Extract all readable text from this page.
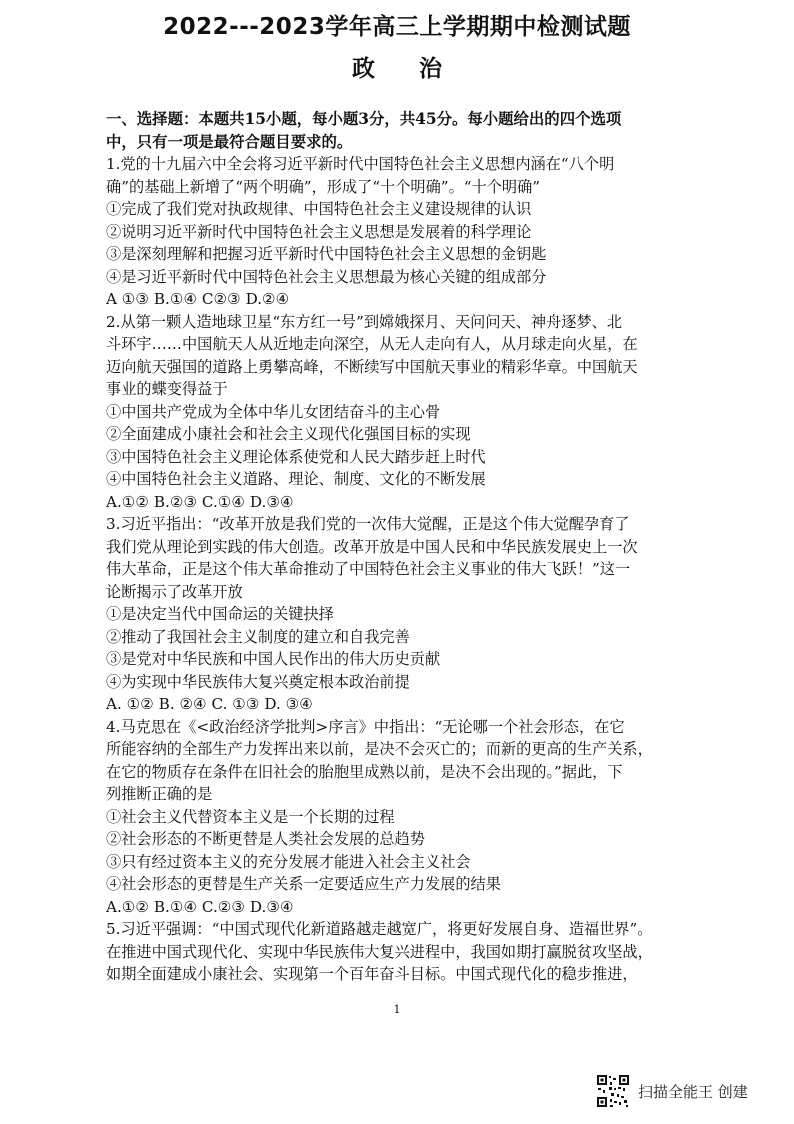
2022---2023学年高三上学期期中检测试题
政 治
一、选择题：本题共15小题，每小题3分，共45分。每小题给出的四个选项
中，只有一项是最符合题目要求的。
1.党的十九届六中全会将习近平新时代中国特色社会主义思想内涵在“八个明
确”的基础上新增了“两个明确”，形成了“十个明确”。“十个明确”
①完成了我们党对执政规律、中国特色社会主义建设规律的认识
②说明习近平新时代中国特色社会主义思想是发展着的科学理论
③是深刻理解和把握习近平新时代中国特色社会主义思想的金钥匙
④是习近平新时代中国特色社会主义思想最为核心关键的组成部分
A ①③ B.①④ C②③ D.②④
2.从第一颗人造地球卫星“东方红一号”到嫦娥探月、天问问天、神舟逐梦、北
斗环宇……中国航天人从近地走向深空，从无人走向有人，从月球走向火星，在
迈向航天强国的道路上勇攀高峰，不断续写中国航天事业的精彩华章。中国航天
事业的蝶变得益于
①中国共产党成为全体中华儿女团结奋斗的主心骨
②全面建成小康社会和社会主义现代化强国目标的实现
③中国特色社会主义理论体系使党和人民大踏步赶上时代
④中国特色社会主义道路、理论、制度、文化的不断发展
A.①② B.②③ C.①④ D.③④
3.习近平指出：“改革开放是我们党的一次伟大觉醒，正是这个伟大觉醒孕育了
我们党从理论到实践的伟大创造。改革开放是中国人民和中华民族发展史上一次
伟大革命，正是这个伟大革命推动了中国特色社会主义事业的伟大飞跃！”这一
论断揭示了改革开放
①是决定当代中国命运的关键抉择
②推动了我国社会主义制度的建立和自我完善
③是党对中华民族和中国人民作出的伟大历史贡献
④为实现中华民族伟大复兴奠定根本政治前提
A. ①② B. ②④ C. ①③ D. ③④
4.马克思在《<政治经济学批判>序言》中指出：“无论哪一个社会形态，在它
所能容纳的全部生产力发挥出来以前，是决不会灭亡的；而新的更高的生产关系，
在它的物质存在条件在旧社会的胎胞里成熟以前，是决不会出现的。”据此，下
列推断正确的是
①社会主义代替资本主义是一个长期的过程
②社会形态的不断更替是人类社会发展的总趋势
③只有经过资本主义的充分发展才能进入社会主义社会
④社会形态的更替是生产关系一定要适应生产力发展的结果
A.①② B.①④ C.②③ D.③④
5.习近平强调：“中国式现代化新道路越走越宽广，将更好发展自身、造福世界”。
在推进中国式现代化、实现中华民族伟大复兴进程中，我国如期打赢脱贫攻坚战，
如期全面建成小康社会、实现第一个百年奋斗目标。中国式现代化的稳步推进，
1
扫描全能王 创建
